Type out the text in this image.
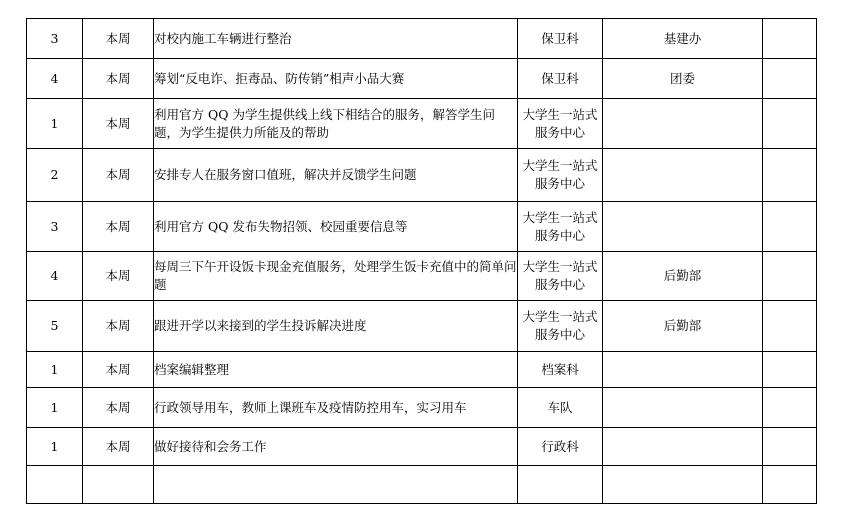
3	本周	对校内施工车辆进行整治	保卫科	基建办	
4	本周	筹划“反电诈、拒毒品、防传销”相声小品大赛	保卫科	团委	
1	本周	利用官方 QQ 为学生提供线上线下相结合的服务，解答学生问题，为学生提供力所能及的帮助	大学生一站式服务中心		
2	本周	安排专人在服务窗口值班，解决并反馈学生问题	大学生一站式服务中心		
3	本周	利用官方 QQ 发布失物招领、校园重要信息等	大学生一站式服务中心		
4	本周	每周三下午开设饭卡现金充值服务，处理学生饭卡充值中的简单问题	大学生一站式服务中心	后勤部	
5	本周	跟进开学以来接到的学生投诉解决进度	大学生一站式服务中心	后勤部	
1	本周	档案编辑整理	档案科		
1	本周	行政领导用车，教师上课班车及疫情防控用车，实习用车	车队		
1	本周	做好接待和会务工作	行政科		
